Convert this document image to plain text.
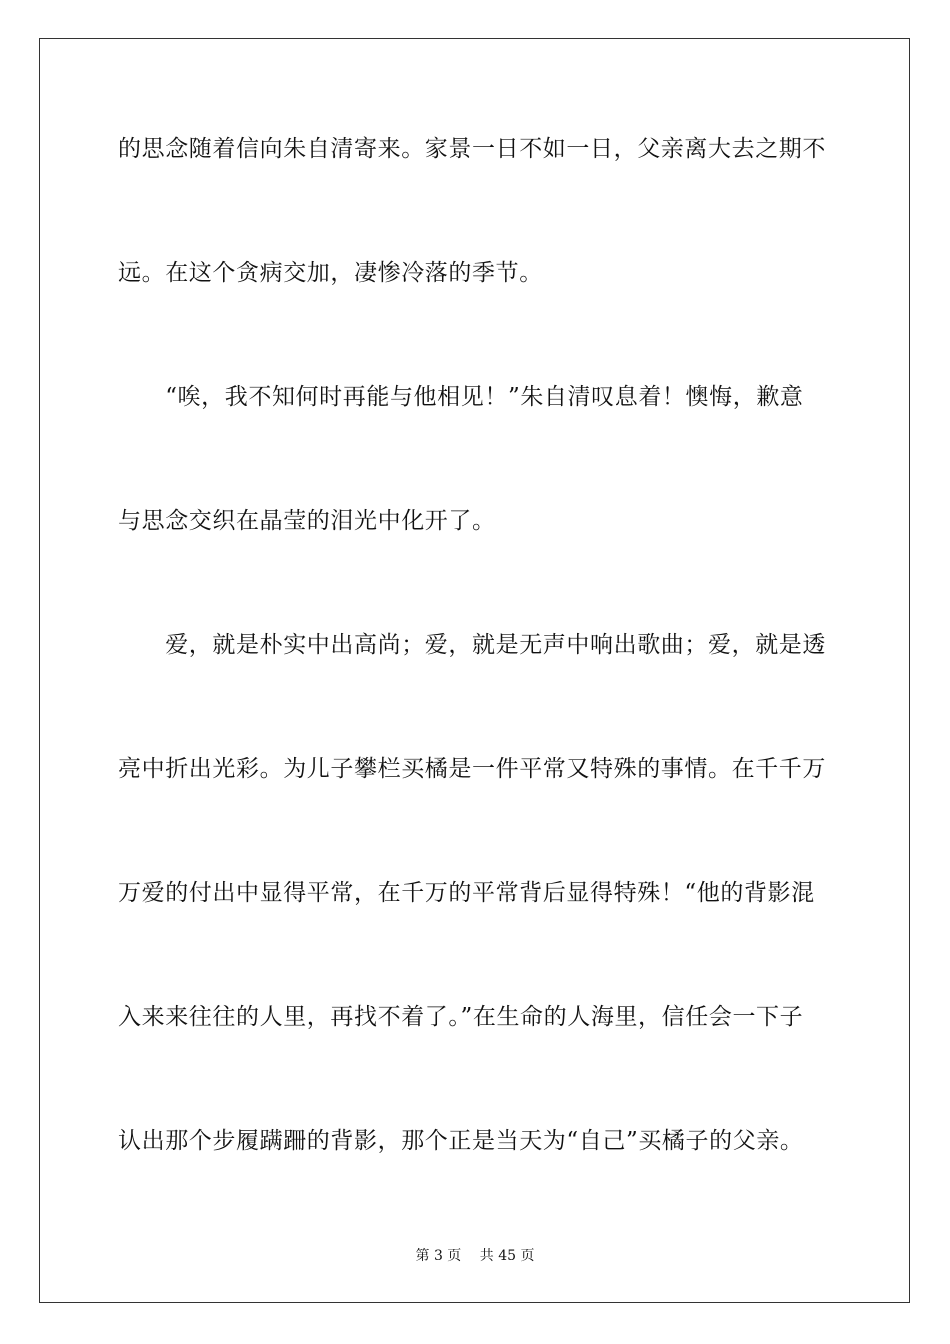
的思念随着信向朱自清寄来。家景一日不如一日，父亲离大去之期不
远。在这个贪病交加，凄惨冷落的季节。
　　“唉，我不知何时再能与他相见！”朱自清叹息着！懊悔，歉意
与思念交织在晶莹的泪光中化开了。
　　爱，就是朴实中出高尚；爱，就是无声中响出歌曲；爱，就是透
亮中折出光彩。为儿子攀栏买橘是一件平常又特殊的事情。在千千万
万爱的付出中显得平常，在千万的平常背后显得特殊！“他的背影混
入来来往往的人里，再找不着了。”在生命的人海里，信任会一下子
认出那个步履蹒跚的背影，那个正是当天为“自己”买橘子的父亲。
第 3 页　 共 45 页
